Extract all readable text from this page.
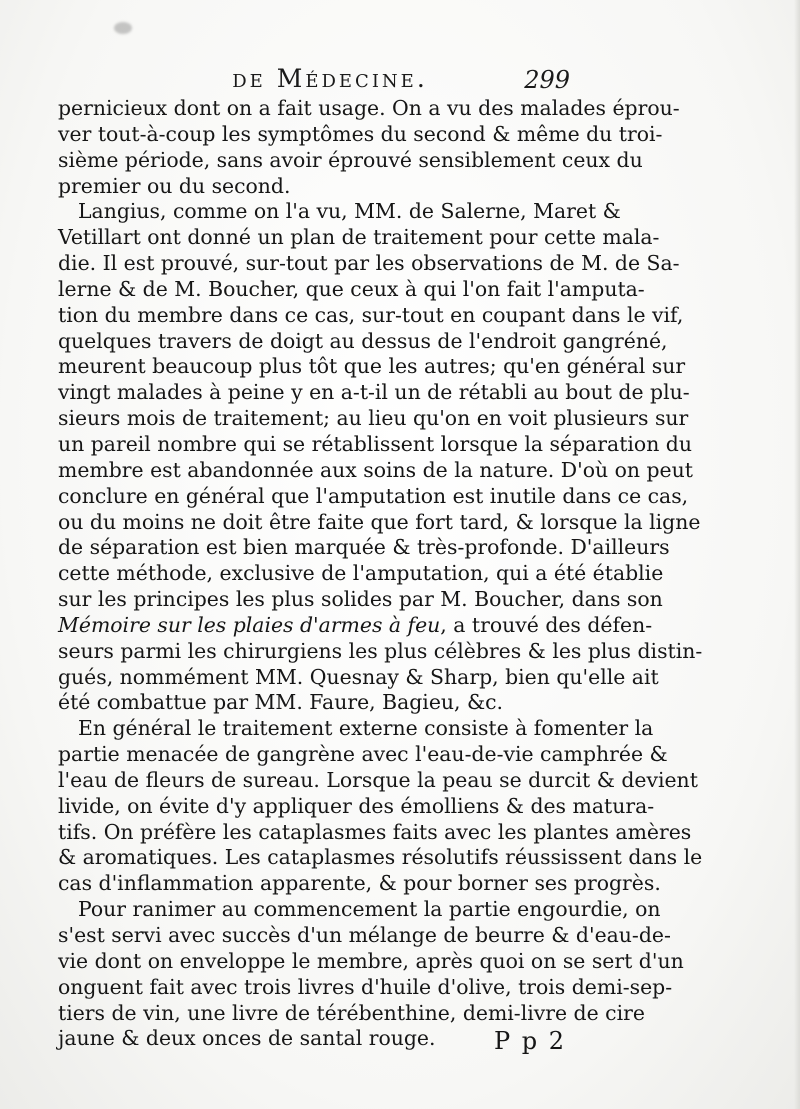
de Médecine.	299
pernicieux dont on a fait usage. On a vu des malades éprou-
ver tout-à-coup les symptômes du second & même du troi-
sième période, sans avoir éprouvé sensiblement ceux du
premier ou du second.
Langius, comme on l'a vu, MM. de Salerne, Maret &
Vetillart ont donné un plan de traitement pour cette mala-
die. Il est prouvé, sur-tout par les observations de M. de Sa-
lerne & de M. Boucher, que ceux à qui l'on fait l'amputa-
tion du membre dans ce cas, sur-tout en coupant dans le vif,
quelques travers de doigt au dessus de l'endroit gangréné,
meurent beaucoup plus tôt que les autres; qu'en général sur
vingt malades à peine y en a-t-il un de rétabli au bout de plu-
sieurs mois de traitement; au lieu qu'on en voit plusieurs sur
un pareil nombre qui se rétablissent lorsque la séparation du
membre est abandonnée aux soins de la nature. D'où on peut
conclure en général que l'amputation est inutile dans ce cas,
ou du moins ne doit être faite que fort tard, & lorsque la ligne
de séparation est bien marquée & très-profonde. D'ailleurs
cette méthode, exclusive de l'amputation, qui a été établie
sur les principes les plus solides par M. Boucher, dans son
Mémoire sur les plaies d'armes à feu, a trouvé des défen-
seurs parmi les chirurgiens les plus célèbres & les plus distin-
gués, nommément MM. Quesnay & Sharp, bien qu'elle ait
été combattue par MM. Faure, Bagieu, &c.
En général le traitement externe consiste à fomenter la
partie menacée de gangrène avec l'eau-de-vie camphrée &
l'eau de fleurs de sureau. Lorsque la peau se durcit & devient
livide, on évite d'y appliquer des émolliens & des matura-
tifs. On préfère les cataplasmes faits avec les plantes amères
& aromatiques. Les cataplasmes résolutifs réussissent dans le
cas d'inflammation apparente, & pour borner ses progrès.
Pour ranimer au commencement la partie engourdie, on
s'est servi avec succès d'un mélange de beurre & d'eau-de-
vie dont on enveloppe le membre, après quoi on se sert d'un
onguent fait avec trois livres d'huile d'olive, trois demi-sep-
tiers de vin, une livre de térébenthine, demi-livre de cire
jaune & deux onces de santal rouge.	P p 2
